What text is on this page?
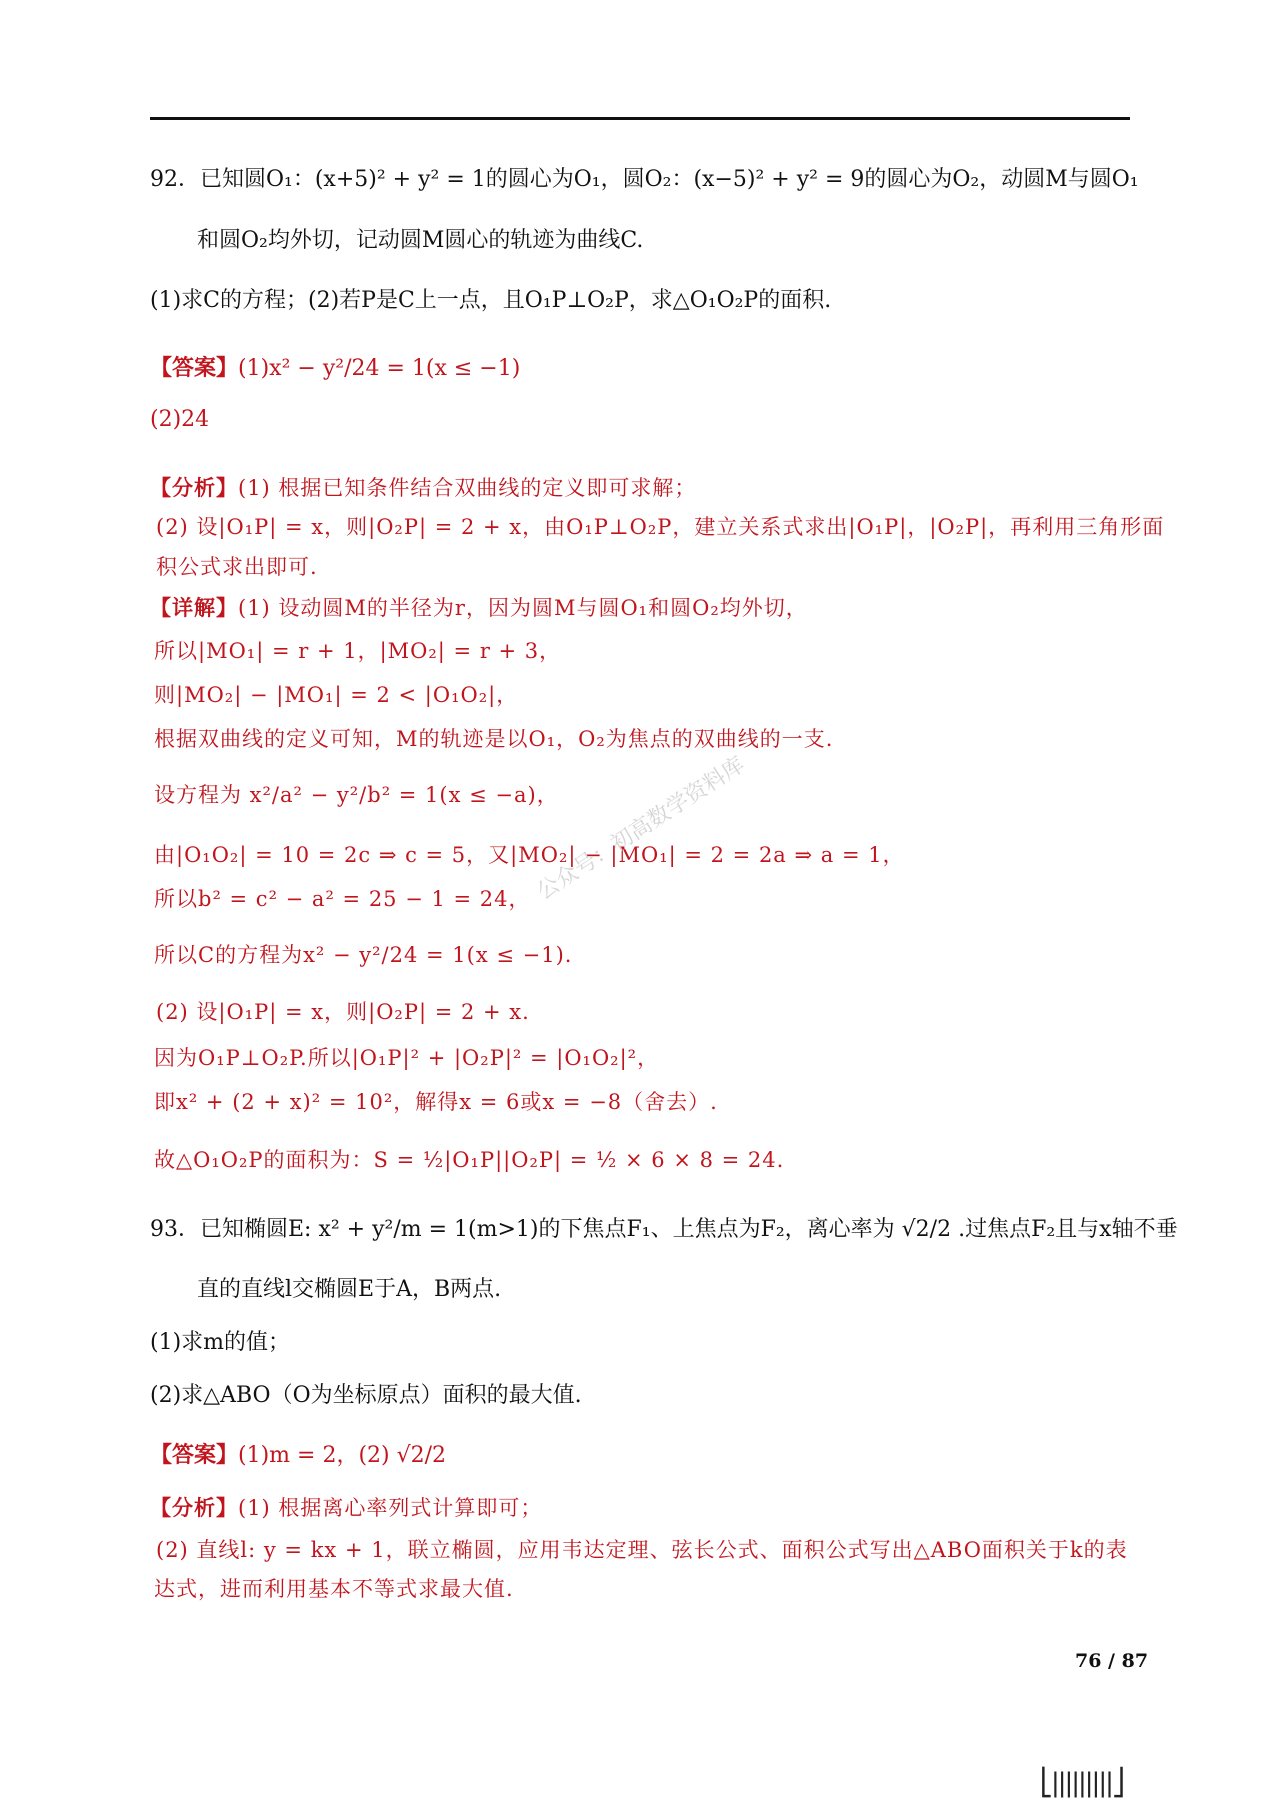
92．已知圆O₁：(x+5)² + y² = 1的圆心为O₁，圆O₂：(x−5)² + y² = 9的圆心为O₂，动圆M与圆O₁
和圆O₂均外切，记动圆M圆心的轨迹为曲线C.
(1)求C的方程；(2)若P是C上一点，且O₁P⊥O₂P，求△O₁O₂P的面积.
【答案】(1)x² − y²/24 = 1(x ≤ −1)
(2)24
【分析】(1) 根据已知条件结合双曲线的定义即可求解；
(2) 设|O₁P| = x，则|O₂P| = 2 + x，由O₁P⊥O₂P，建立关系式求出|O₁P|，|O₂P|，再利用三角形面
积公式求出即可.
【详解】(1) 设动圆M的半径为r，因为圆M与圆O₁和圆O₂均外切，
所以|MO₁| = r + 1，|MO₂| = r + 3，
则|MO₂| − |MO₁| = 2 < |O₁O₂|，
根据双曲线的定义可知，M的轨迹是以O₁，O₂为焦点的双曲线的一支.
设方程为 x²/a² − y²/b² = 1(x ≤ −a)，
由|O₁O₂| = 10 = 2c ⇒ c = 5，又|MO₂| − |MO₁| = 2 = 2a ⇒ a = 1，
所以b² = c² − a² = 25 − 1 = 24，
所以C的方程为x² − y²/24 = 1(x ≤ −1).
(2) 设|O₁P| = x，则|O₂P| = 2 + x.
因为O₁P⊥O₂P.所以|O₁P|² + |O₂P|² = |O₁O₂|²，
即x² + (2 + x)² = 10²，解得x = 6或x = −8（舍去）.
故△O₁O₂P的面积为：S = ½|O₁P||O₂P| = ½ × 6 × 8 = 24.
93．已知椭圆E: x² + y²/m = 1(m>1)的下焦点F₁、上焦点为F₂，离心率为 √2/2 .过焦点F₂且与x轴不垂
直的直线l交椭圆E于A，B两点.
(1)求m的值；
(2)求△ABO（O为坐标原点）面积的最大值.
【答案】(1)m = 2，(2) √2/2
【分析】(1) 根据离心率列式计算即可；
(2) 直线l: y = kx + 1，联立椭圆，应用韦达定理、弦长公式、面积公式写出△ABO面积关于k的表
达式，进而利用基本不等式求最大值.
公众号：初高数学资料库
76 / 87
⎣|||||||||⎦
